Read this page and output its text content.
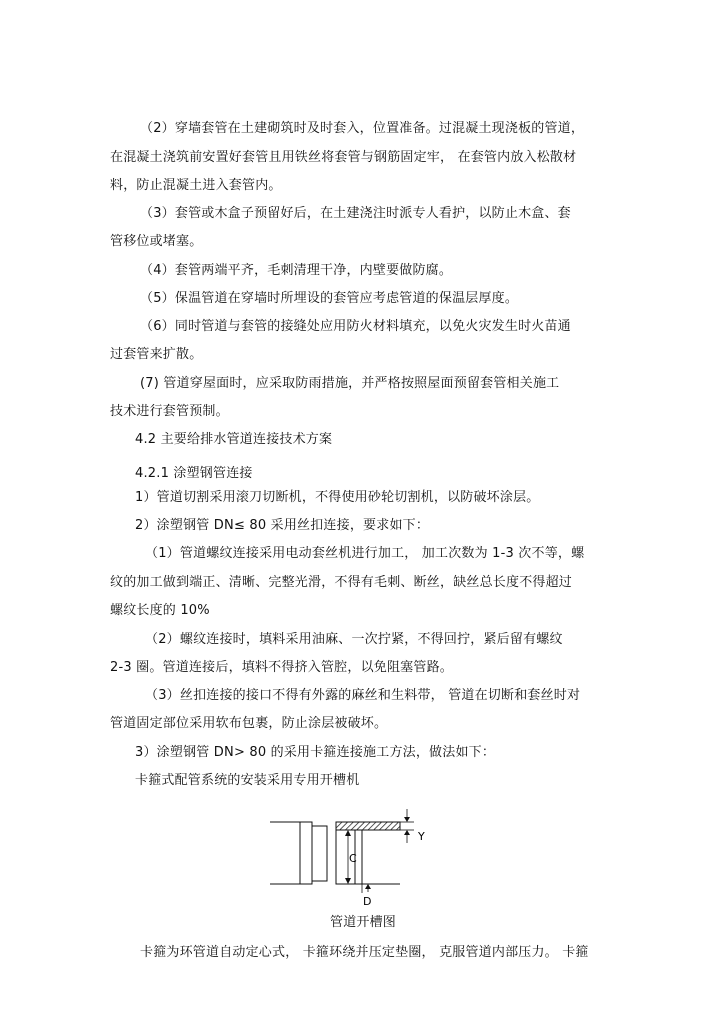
（2）穿墙套管在土建砌筑时及时套入，位置准备。过混凝土现浇板的管道，
在混凝土浇筑前安置好套管且用铁丝将套管与钢筋固定牢， 在套管内放入松散材
料，防止混凝土进入套管内。
（3）套管或木盒子预留好后，在土建浇注时派专人看护，以防止木盒、套
管移位或堵塞。
（4）套管两端平齐，毛刺清理干净，内壁要做防腐。
（5）保温管道在穿墙时所埋设的套管应考虑管道的保温层厚度。
（6）同时管道与套管的接缝处应用防火材料填充，以免火灾发生时火苗通
过套管来扩散。
(7) 管道穿屋面时，应采取防雨措施，并严格按照屋面预留套管相关施工
技术进行套管预制。
4.2 主要给排水管道连接技术方案
4.2.1 涂塑钢管连接
1）管道切割采用滚刀切断机，不得使用砂轮切割机，以防破坏涂层。
2）涂塑钢管 DN≤ 80 采用丝扣连接，要求如下：
（1）管道螺纹连接采用电动套丝机进行加工， 加工次数为 1-3 次不等，螺
纹的加工做到端正、清晰、完整光滑，不得有毛刺、断丝，缺丝总长度不得超过
螺纹长度的 10%
（2）螺纹连接时，填料采用油麻、一次拧紧，不得回拧，紧后留有螺纹
2-3 圈。管道连接后，填料不得挤入管腔，以免阻塞管路。
（3）丝扣连接的接口不得有外露的麻丝和生料带， 管道在切断和套丝时对
管道固定部位采用软布包裹，防止涂层被破坏。
3）涂塑钢管 DN> 80 的采用卡箍连接施工方法，做法如下：
卡箍式配管系统的安装采用专用开槽机
Y
C
D
管道开槽图
卡箍为环管道自动定心式， 卡箍环绕并压定垫圈， 克服管道内部压力。 卡箍
